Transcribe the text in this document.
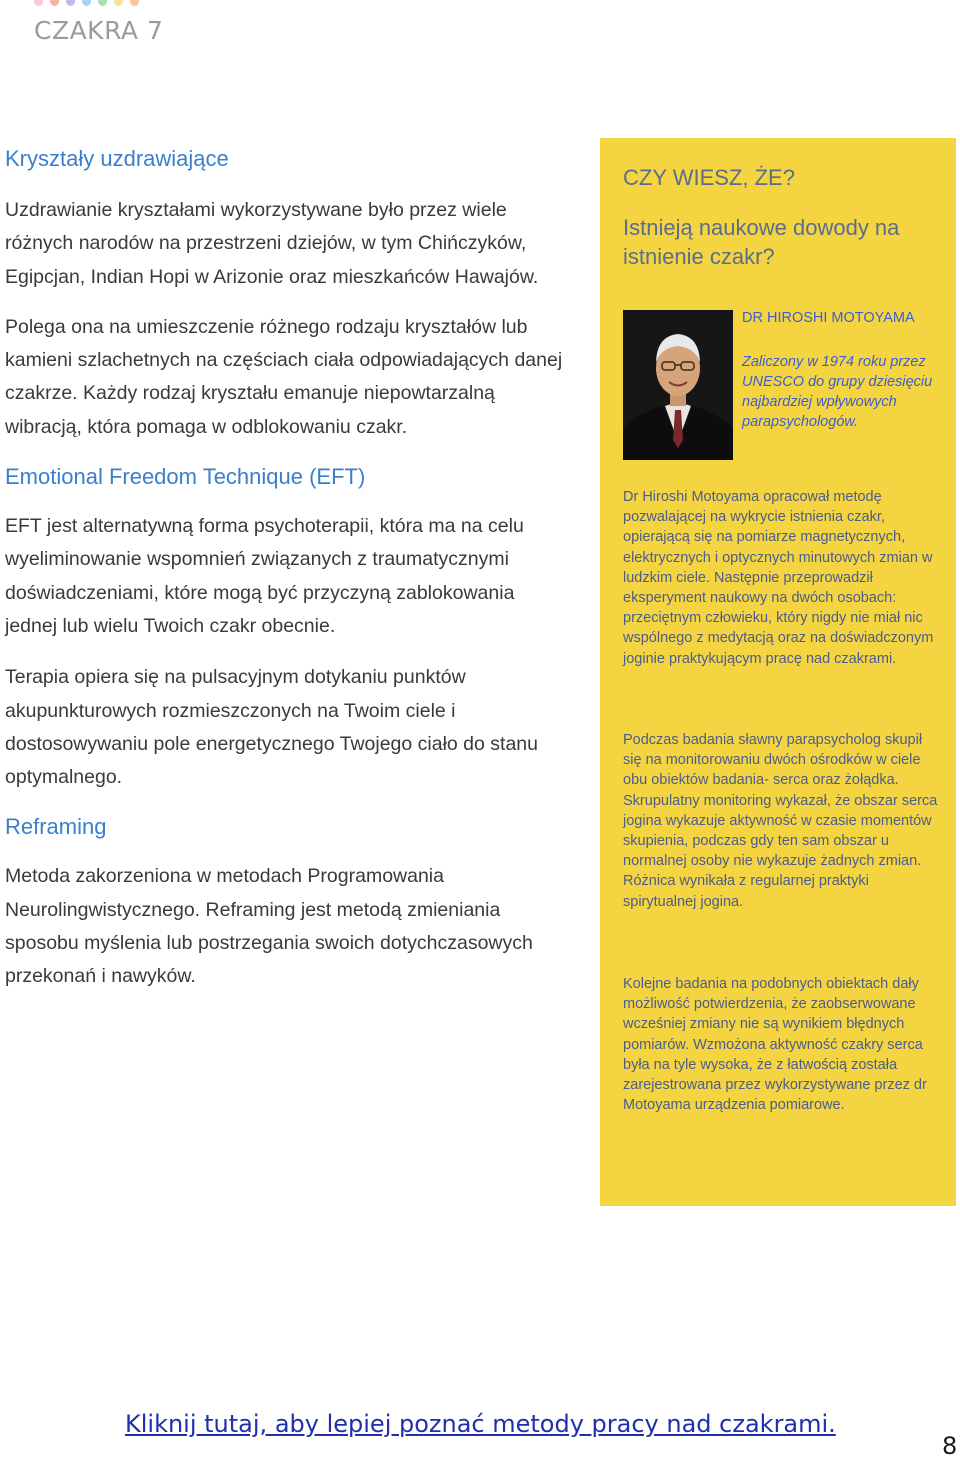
CZAKRA 7
Kryształy uzdrawiające

Uzdrawianie kryształami wykorzystywane było przez wiele różnych narodów na przestrzeni dziejów, w tym Chińczyków, Egipcjan, Indian Hopi w Arizonie oraz mieszkańców Hawajów.

Polega ona na umieszczenie różnego rodzaju kryształów lub kamieni szlachetnych na częściach ciała odpowiadających danej czakrze. Każdy rodzaj kryształu emanuje niepowtarzalną wibracją, która pomaga w odblokowaniu czakr.

Emotional Freedom Technique (EFT)

EFT jest alternatywną forma psychoterapii, która ma na celu wyeliminowanie wspomnień związanych z traumatycznymi doświadczeniami, które mogą być przyczyną zablokowania jednej lub wielu Twoich czakr obecnie.

Terapia opiera się na pulsacyjnym dotykaniu punktów akupunkturowych rozmieszczonych na Twoim ciele i dostosowywaniu pole energetycznego Twojego ciało do stanu optymalnego.

Reframing

Metoda zakorzeniona w metodach Programowania Neurolingwistycznego. Reframing jest metodą zmieniania sposobu myślenia lub postrzegania swoich dotychczasowych przekonań i nawyków.

CZY WIESZ, ŻE?
Istnieją naukowe dowody na istnienie czakr?
DR HIROSHI MOTOYAMA
Zaliczony w 1974 roku przez UNESCO do grupy dziesięciu najbardziej wpływowych parapsychologów.

Dr Hiroshi Motoyama opracował metodę pozwalającej na wykrycie istnienia czakr, opierającą się na pomiarze magnetycznych, elektrycznych i optycznych minutowych zmian w ludzkim ciele. Następnie przeprowadził eksperyment naukowy na dwóch osobach: przeciętnym człowieku, który nigdy nie miał nic wspólnego z medytacją oraz na doświadczonym joginie praktykującym pracę nad czakrami.

Podczas badania sławny parapsycholog skupił się na monitorowaniu dwóch ośrodków w ciele obu obiektów badania- serca oraz żołądka. Skrupulatny monitoring wykazał, że obszar serca jogina wykazuje aktywność w czasie momentów skupienia, podczas gdy ten sam obszar u normalnej osoby nie wykazuje żadnych zmian. Różnica wynikała z regularnej praktyki spirytualnej jogina.

Kolejne badania na podobnych obiektach dały możliwość potwierdzenia, że zaobserwowane wcześniej zmiany nie są wynikiem błędnych pomiarów. Wzmożona aktywność czakry serca była na tyle wysoka, że z łatwością została zarejestrowana przez wykorzystywane przez dr Motoyama urządzenia pomiarowe.

Kliknij tutaj, aby lepiej poznać metody pracy nad czakrami.
8
